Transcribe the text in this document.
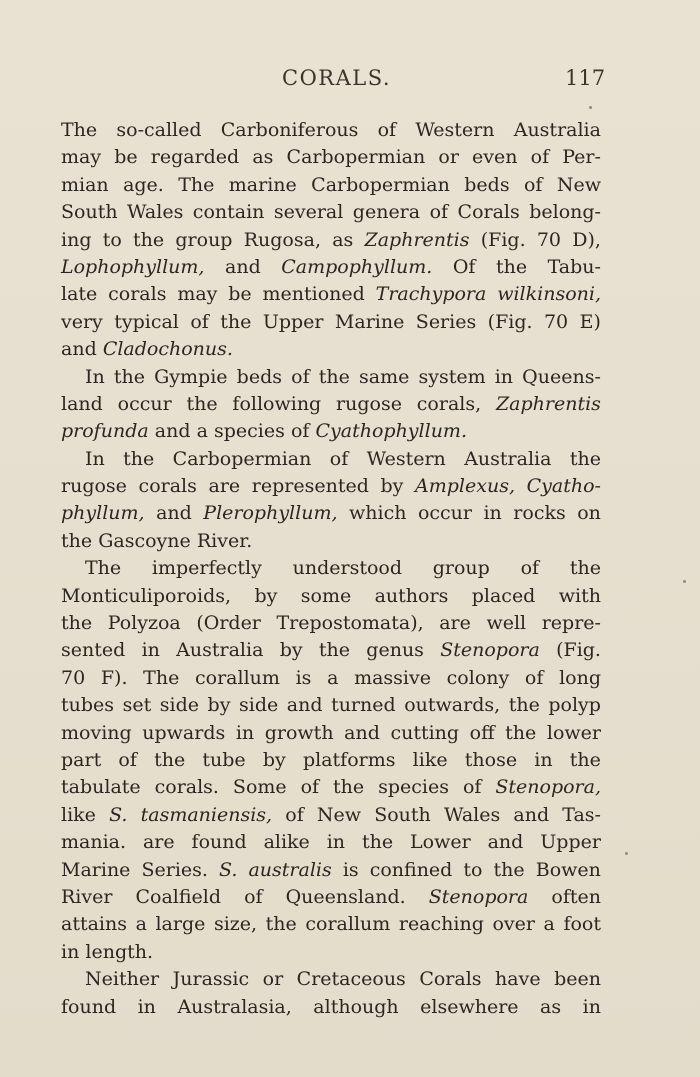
CORALS.	117
The so-called Carboniferous of Western Australia
may be regarded as Carbopermian or even of Per-
mian age. The marine Carbopermian beds of New
South Wales contain several genera of Corals belong-
ing to the group Rugosa, as Zaphrentis (Fig. 70 D),
Lophophyllum, and Campophyllum. Of the Tabu-
late corals may be mentioned Trachypora wilkinsoni,
very typical of the Upper Marine Series (Fig. 70 E)
and Cladochonus.
In the Gympie beds of the same system in Queens-
land occur the following rugose corals, Zaphrentis
profunda and a species of Cyathophyllum.
In the Carbopermian of Western Australia the
rugose corals are represented by Amplexus, Cyatho-
phyllum, and Plerophyllum, which occur in rocks on
the Gascoyne River.
The imperfectly understood group of the
Monticuliporoids, by some authors placed with
the Polyzoa (Order Trepostomata), are well repre-
sented in Australia by the genus Stenopora (Fig.
70 F). The corallum is a massive colony of long
tubes set side by side and turned outwards, the polyp
moving upwards in growth and cutting off the lower
part of the tube by platforms like those in the
tabulate corals. Some of the species of Stenopora,
like S. tasmaniensis, of New South Wales and Tas-
mania. are found alike in the Lower and Upper
Marine Series. S. australis is confined to the Bowen
River Coalfield of Queensland. Stenopora often
attains a large size, the corallum reaching over a foot
in length.
Neither Jurassic or Cretaceous Corals have been
found in Australasia, although elsewhere as in
